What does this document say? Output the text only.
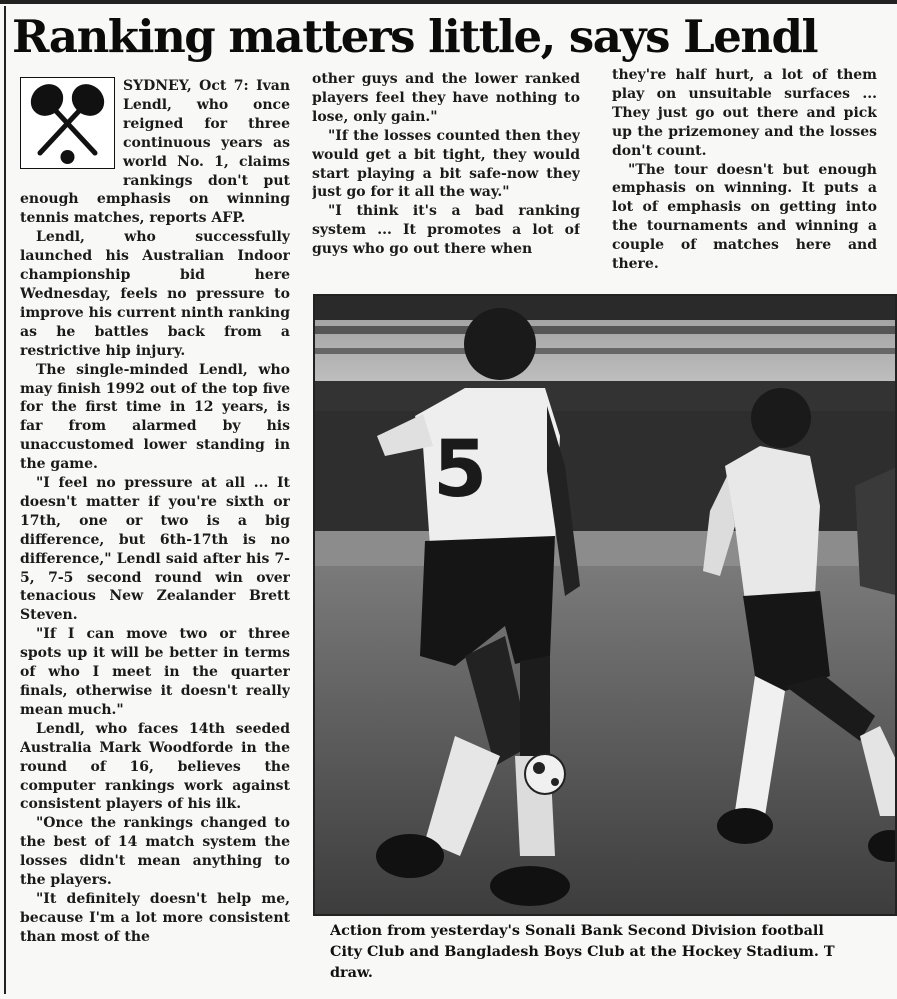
Ranking matters little, says Lendl

SYDNEY, Oct 7: Ivan Lendl, who once reigned for three continuous years as world No. 1, claims rankings don't put enough emphasis on winning tennis matches, reports AFP.

Lendl, who successfully launched his Australian Indoor championship bid here Wednesday, feels no pressure to improve his current ninth ranking as he battles back from a restrictive hip injury.

The single-minded Lendl, who may finish 1992 out of the top five for the first time in 12 years, is far from alarmed by his unaccustomed lower standing in the game.

"I feel no pressure at all ... It doesn't matter if you're sixth or 17th, one or two is a big difference, but 6th-17th is no difference," Lendl said after his 7-5, 7-5 second round win over tenacious New Zealander Brett Steven.

"If I can move two or three spots up it will be better in terms of who I meet in the quarter finals, otherwise it doesn't really mean much."

Lendl, who faces 14th seeded Australia Mark Woodforde in the round of 16, believes the computer rankings work against consistent players of his ilk.

"Once the rankings changed to the best of 14 match system the losses didn't mean anything to the players.

"It definitely doesn't help me, because I'm a lot more consistent than most of the

other guys and the lower ranked players feel they have nothing to lose, only gain."

"If the losses counted then they would get a bit tight, they would start playing a bit safe-now they just go for it all the way."

"I think it's a bad ranking system ... It promotes a lot of guys who go out there when

they're half hurt, a lot of them play on unsuitable surfaces ... They just go out there and pick up the prizemoney and the losses don't count.

"The tour doesn't but enough emphasis on winning. It puts a lot of emphasis on getting into the tournaments and winning a couple of matches here and there.

5
Action from yesterday's Sonali Bank Second Division football
City Club and Bangladesh Boys Club at the Hockey Stadium. T
draw.
